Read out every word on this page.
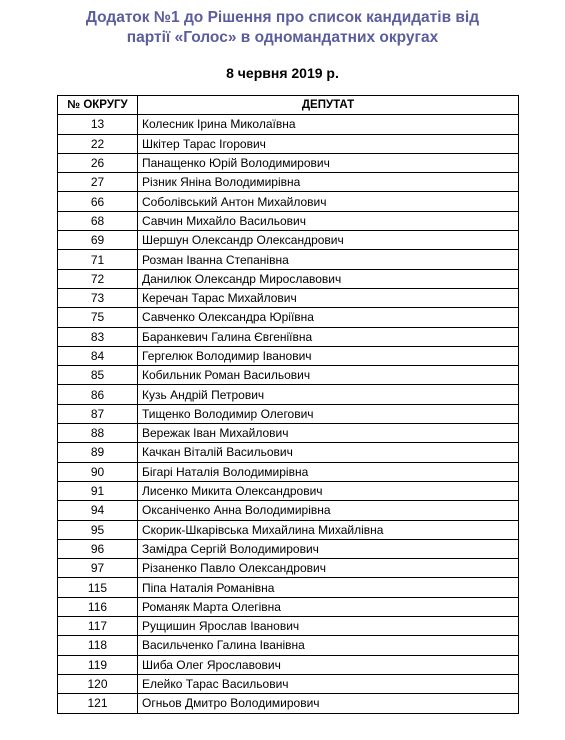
Додаток №1 до Рішення про список кандидатів від
партії «Голос» в одномандатних округах
8 червня 2019 р.
№ ОКРУГУ	ДЕПУТАТ
13	Колесник Ірина Миколаївна
22	Шкітер Тарас Ігорович
26	Панащенко Юрій Володимирович
27	Різник Яніна Володимирівна
66	Соболівський Антон Михайлович
68	Савчин Михайло Васильович
69	Шершун Олександр Олександрович
71	Розман Іванна Степанівна
72	Данилюк Олександр Мирославович
73	Керечан Тарас Михайлович
75	Савченко Олександра Юріївна
83	Баранкевич Галина Євгеніївна
84	Гергелюк Володимир Іванович
85	Кобильник Роман Васильович
86	Кузь Андрій Петрович
87	Тищенко Володимир Олегович
88	Вережак Іван Михайлович
89	Качкан Віталій Васильович
90	Бігарі Наталія Володимирівна
91	Лисенко Микита Олександрович
94	Оксаніченко Анна Володимирівна
95	Скорик-Шкарівська Михайлина Михайлівна
96	Замідра Сергій Володимирович
97	Різаненко Павло Олександрович
115	Піпа Наталія Романівна
116	Романяк Марта Олегівна
117	Рущишин Ярослав Іванович
118	Васильченко Галина Іванівна
119	Шиба Олег Ярославович
120	Елейко Тарас Васильович
121	Огньов Дмитро Володимирович
